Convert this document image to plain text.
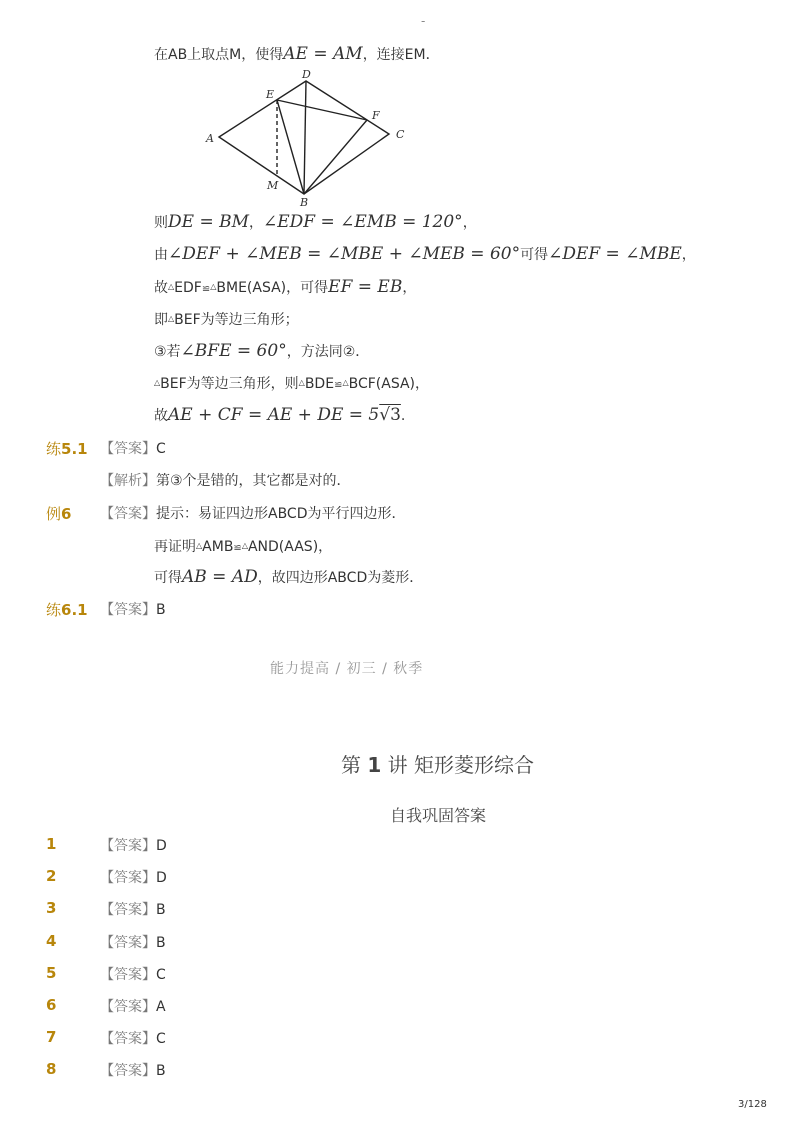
-
在AB上取点M，使得AE = AM，连接EM．
D
E
F
A	C
M
B
则DE = BM，∠EDF = ∠EMB = 120°，
由∠DEF + ∠MEB = ∠MBE + ∠MEB = 60°可得∠DEF = ∠MBE，
故△EDF≌△BME(ASA)，可得EF = EB，
即△BEF为等边三角形；
③若∠BFE = 60°，方法同②．
△BEF为等边三角形，则△BDE≌△BCF(ASA)，
故AE + CF = AE + DE = 5√3.
练5.1 【答案】C
【解析】第③个是错的，其它都是对的．
例6 【答案】提示：易证四边形ABCD为平行四边形．
再证明△AMB≌△AND(AAS)，
可得AB = AD，故四边形ABCD为菱形．
练6.1 【答案】B
能力提高 / 初三 / 秋季
第 1 讲 矩形菱形综合
自我巩固答案
1	【答案】D
2	【答案】D
3	【答案】B
4	【答案】B
5	【答案】C
6	【答案】A
7	【答案】C
8	【答案】B
3/128
